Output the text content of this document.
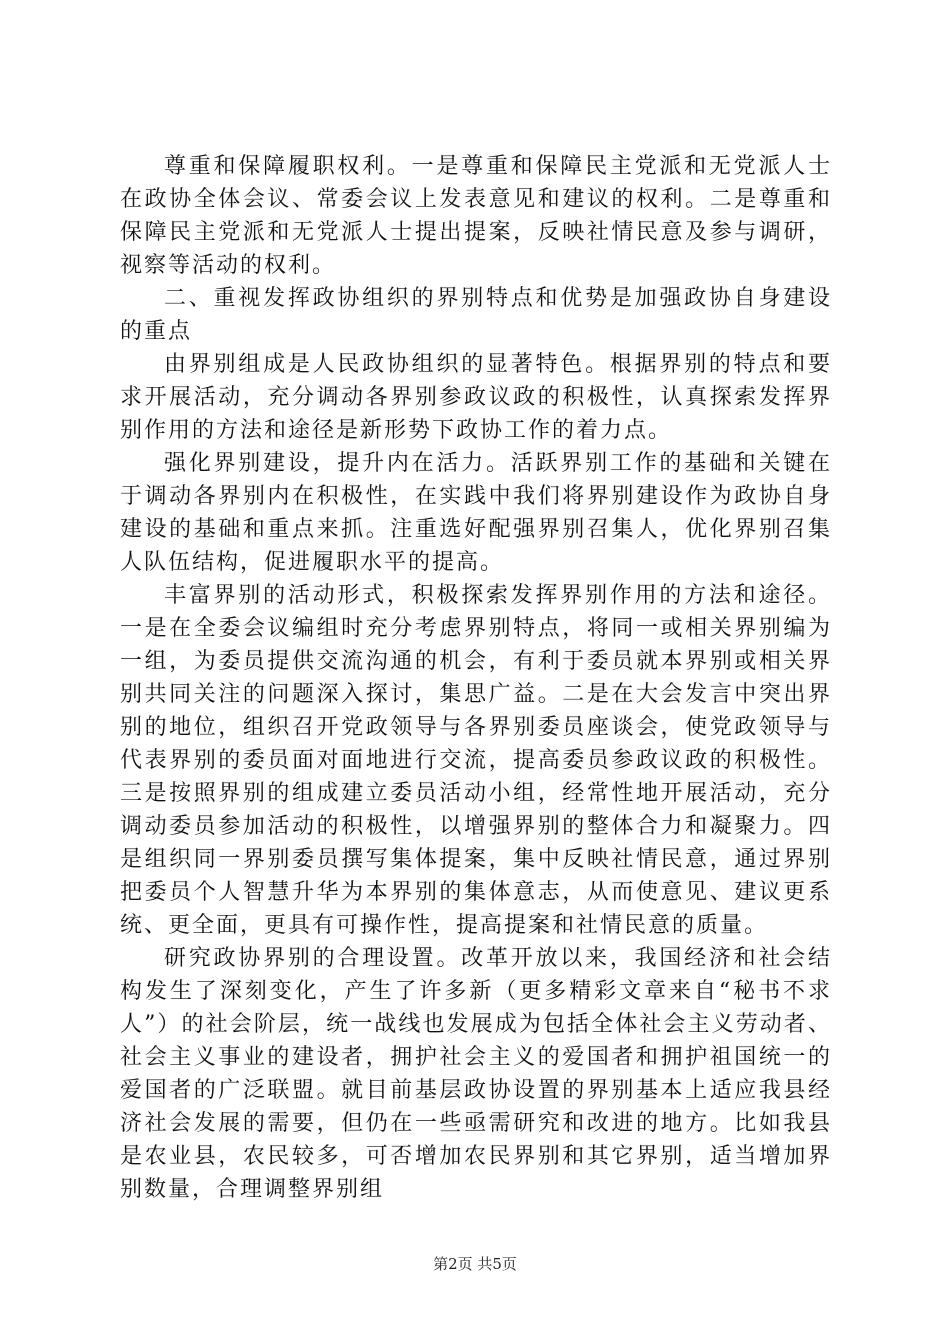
尊重和保障履职权利。一是尊重和保障民主党派和无党派人士在政协全体会议、常委会议上发表意见和建议的权利。二是尊重和保障民主党派和无党派人士提出提案，反映社情民意及参与调研，视察等活动的权利。

二、重视发挥政协组织的界别特点和优势是加强政协自身建设的重点

由界别组成是人民政协组织的显著特色。根据界别的特点和要求开展活动，充分调动各界别参政议政的积极性，认真探索发挥界别作用的方法和途径是新形势下政协工作的着力点。

强化界别建设，提升内在活力。活跃界别工作的基础和关键在于调动各界别内在积极性，在实践中我们将界别建设作为政协自身建设的基础和重点来抓。注重选好配强界别召集人，优化界别召集人队伍结构，促进履职水平的提高。

丰富界别的活动形式，积极探索发挥界别作用的方法和途径。一是在全委会议编组时充分考虑界别特点，将同一或相关界别编为一组，为委员提供交流沟通的机会，有利于委员就本界别或相关界别共同关注的问题深入探讨，集思广益。二是在大会发言中突出界别的地位，组织召开党政领导与各界别委员座谈会，使党政领导与代表界别的委员面对面地进行交流，提高委员参政议政的积极性。三是按照界别的组成建立委员活动小组，经常性地开展活动，充分调动委员参加活动的积极性，以增强界别的整体合力和凝聚力。四是组织同一界别委员撰写集体提案，集中反映社情民意，通过界别把委员个人智慧升华为本界别的集体意志，从而使意见、建议更系统、更全面，更具有可操作性，提高提案和社情民意的质量。

研究政协界别的合理设置。改革开放以来，我国经济和社会结构发生了深刻变化，产生了许多新（更多精彩文章来自“秘书不求人”）的社会阶层，统一战线也发展成为包括全体社会主义劳动者、社会主义事业的建设者，拥护社会主义的爱国者和拥护祖国统一的爱国者的广泛联盟。就目前基层政协设置的界别基本上适应我县经济社会发展的需要，但仍在一些亟需研究和改进的地方。比如我县是农业县，农民较多，可否增加农民界别和其它界别，适当增加界别数量，合理调整界别组

第2页 共5页
